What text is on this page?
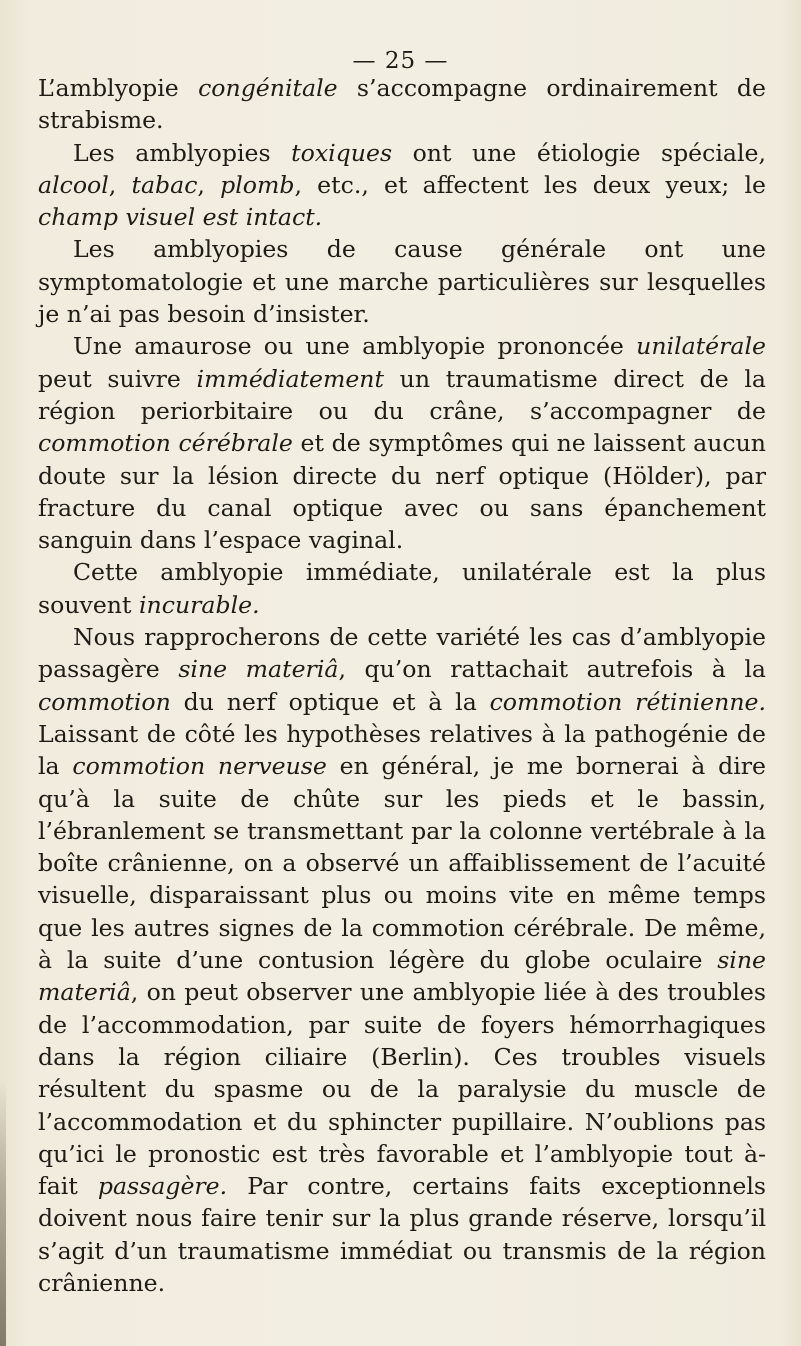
— 25 —

L’amblyopie congénitale s’accompagne ordinairement de strabisme.

Les amblyopies toxiques ont une étiologie spéciale, alcool, tabac, plomb, etc., et affectent les deux yeux; le champ visuel est intact.

Les amblyopies de cause générale ont une symptomatologie et une marche particulières sur lesquelles je n’ai pas besoin d’insister.

Une amaurose ou une amblyopie prononcée unilatérale peut suivre immédiatement un traumatisme direct de la région periorbitaire ou du crâne, s’accompagner de commotion cérébrale et de symptômes qui ne laissent aucun doute sur la lésion directe du nerf optique (Hölder), par fracture du canal optique avec ou sans épanchement sanguin dans l’espace vaginal.

Cette amblyopie immédiate, unilatérale est la plus souvent incurable.

Nous rapprocherons de cette variété les cas d’amblyopie passagère sine materiâ, qu’on rattachait autrefois à la commotion du nerf optique et à la commotion rétinienne. Laissant de côté les hypothèses relatives à la pathogénie de la commotion nerveuse en général, je me bornerai à dire qu’à la suite de chûte sur les pieds et le bassin, l’ébranlement se transmettant par la colonne vertébrale à la boîte crânienne, on a observé un affaiblissement de l’acuité visuelle, disparaissant plus ou moins vite en même temps que les autres signes de la commotion cérébrale. De même, à la suite d’une contusion légère du globe oculaire sine materiâ, on peut observer une amblyopie liée à des troubles de l’accommodation, par suite de foyers hémorrhagiques dans la région ciliaire (Berlin). Ces troubles visuels résultent du spasme ou de la paralysie du muscle de l’accommodation et du sphincter pupillaire. N’oublions pas qu’ici le pronostic est très favorable et l’amblyopie tout à-fait passagère. Par contre, certains faits exceptionnels doivent nous faire tenir sur la plus grande réserve, lorsqu’il s’agit d’un traumatisme immédiat ou transmis de la région crânienne.
